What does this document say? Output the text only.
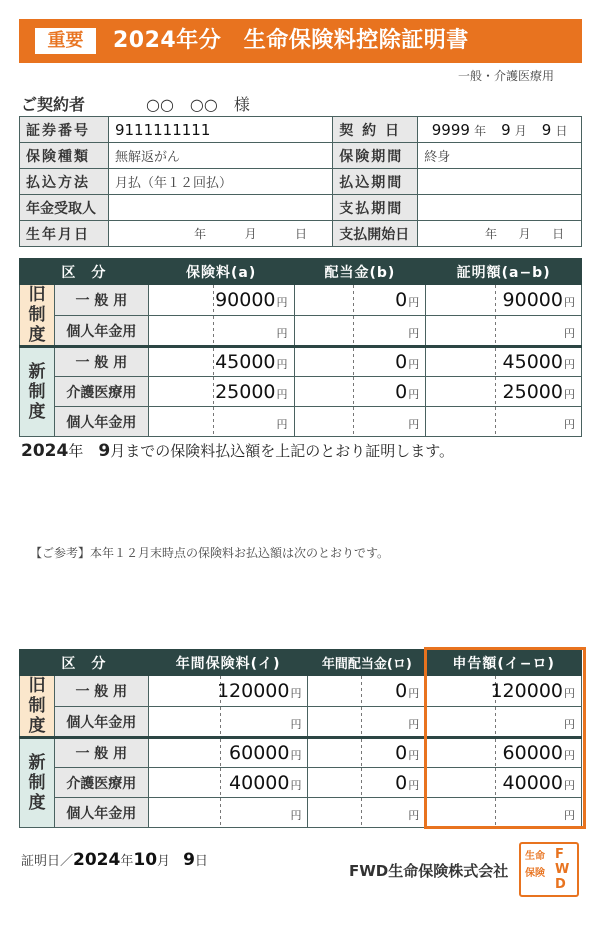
重要	2024年分　生命保険料控除証明書
一般・介護医療用
ご契約者	○○　○○　様
証券番号	9111111111	契 約 日	9999 年 9 月 9 日

保険種類	無解返がん	保険期間	終身
払込方法	月払（年１２回払）	払込期間	
年金受取人		支払期間	
生年月日	年 月 日	支払開始日	年 月 日
区　分		保険料(a)	配当金(b)	証明額(a−b)
旧
制
度	一 般 用	90000円	0円	90000円
	個人年金用	円	円	円
新
制
度	一 般 用	45000円	0円	45000円
	介護医療用	25000円	0円	25000円
	個人年金用	円	円	円
2024年　 9月までの保険料払込額を上記のとおり証明します。
【ご参考】本年１２月末時点の保険料お払込額は次のとおりです。
区　分		年間保険料(イ)	年間配当金(ロ)	申告額(イ−ロ)
旧
制
度	一 般 用	120000円	0円	120000円
	個人年金用	円	円	円
新
制
度	一 般 用	60000円	0円	60000円
	介護医療用	40000円	0円	40000円
	個人年金用	円	円	円
証明日／2024年10月　 9日
FWD生命保険株式会社
生命
保険
F
W
D
